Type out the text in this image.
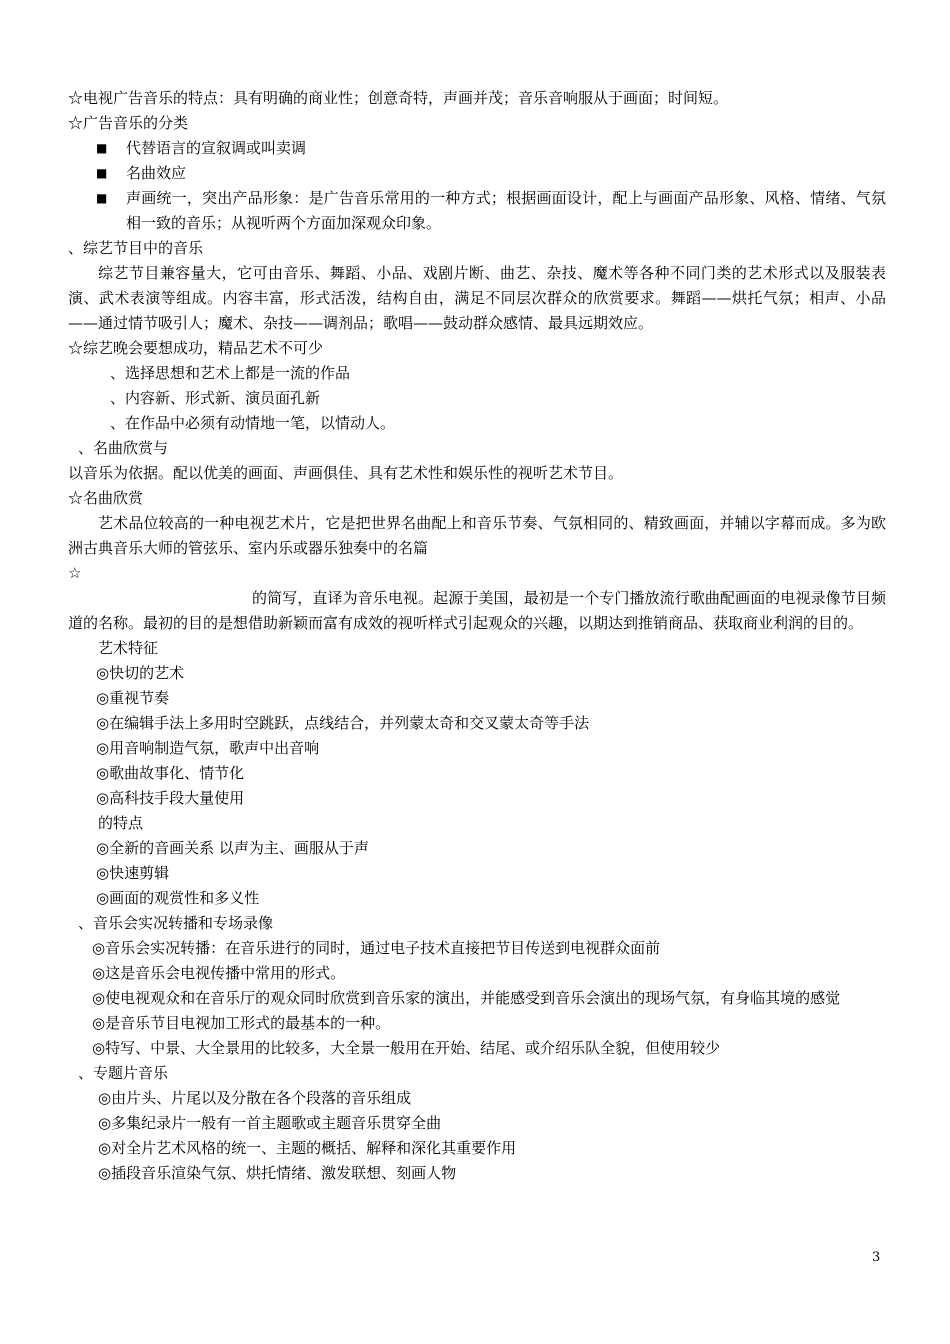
☆电视广告音乐的特点：具有明确的商业性；创意奇特，声画并茂；音乐音响服从于画面；时间短。
☆广告音乐的分类
■	代替语言的宣叙调或叫卖调
■	名曲效应
■	声画统一，突出产品形象：是广告音乐常用的一种方式；根据画面设计，配上与画面产品形象、风格、情绪、气氛相一致的音乐；从视听两个方面加深观众印象。
、综艺节目中的音乐
综艺节目兼容量大，它可由音乐、舞蹈、小品、戏剧片断、曲艺、杂技、魔术等各种不同门类的艺术形式以及服装表演、武术表演等组成。内容丰富，形式活泼，结构自由，满足不同层次群众的欣赏要求。舞蹈——烘托气氛；相声、小品——通过情节吸引人；魔术、杂技——调剂品；歌唱——鼓动群众感情、最具远期效应。
☆综艺晚会要想成功，精品艺术不可少
、选择思想和艺术上都是一流的作品
、内容新、形式新、演员面孔新
、在作品中必须有动情地一笔，以情动人。
、名曲欣赏与
以音乐为依据。配以优美的画面、声画俱佳、具有艺术性和娱乐性的视听艺术节目。
☆名曲欣赏
艺术品位较高的一种电视艺术片，它是把世界名曲配上和音乐节奏、气氛相同的、精致画面，并辅以字幕而成。多为欧洲古典音乐大师的管弦乐、室内乐或器乐独奏中的名篇
☆
的简写，直译为音乐电视。起源于美国，最初是一个专门播放流行歌曲配画面的电视录像节目频道的名称。最初的目的是想借助新颖而富有成效的视听样式引起观众的兴趣，以期达到推销商品、获取商业利润的目的。
艺术特征
◎快切的艺术
◎重视节奏
◎在编辑手法上多用时空跳跃，点线结合，并列蒙太奇和交叉蒙太奇等手法
◎用音响制造气氛，歌声中出音响
◎歌曲故事化、情节化
◎高科技手段大量使用
的特点
◎全新的音画关系 以声为主、画服从于声
◎快速剪辑
◎画面的观赏性和多义性
、音乐会实况转播和专场录像
◎音乐会实况转播：在音乐进行的同时，通过电子技术直接把节目传送到电视群众面前
◎这是音乐会电视传播中常用的形式。
◎使电视观众和在音乐厅的观众同时欣赏到音乐家的演出，并能感受到音乐会演出的现场气氛，有身临其境的感觉
◎是音乐节目电视加工形式的最基本的一种。
◎特写、中景、大全景用的比较多，大全景一般用在开始、结尾、或介绍乐队全貌，但使用较少
、专题片音乐
◎由片头、片尾以及分散在各个段落的音乐组成
◎多集纪录片一般有一首主题歌或主题音乐贯穿全曲
◎对全片艺术风格的统一、主题的概括、解释和深化其重要作用
◎插段音乐渲染气氛、烘托情绪、激发联想、刻画人物
3
